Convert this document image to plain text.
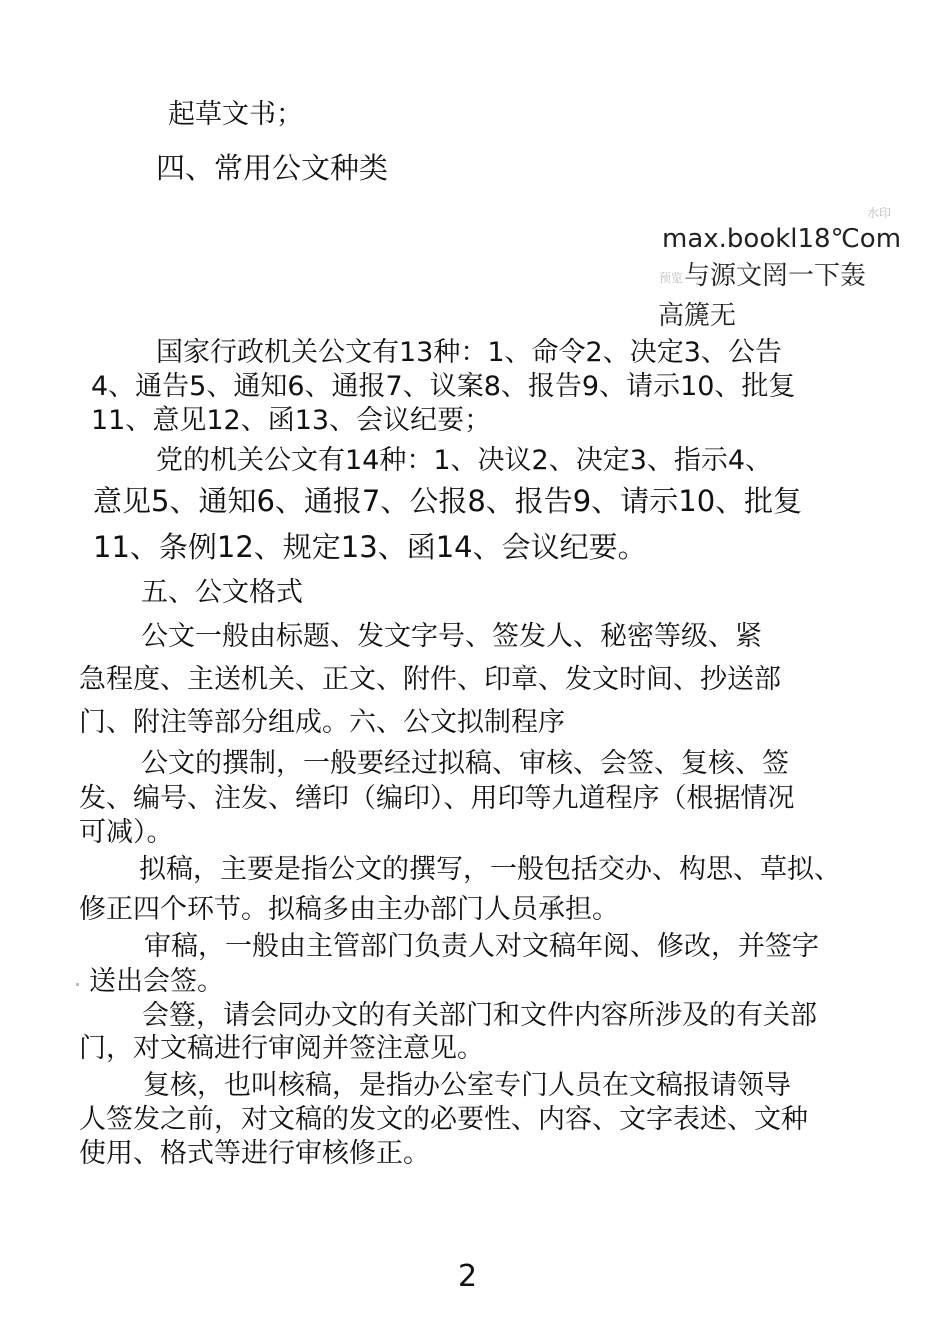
起草文书；

四、常用公文种类

水印
max.bookl18℃om
预览 与源文罔一下轰
高篪无

国家行政机关公文有13种：1、命令2、决定3、公告

4、通告5、通知6、通报7、议案8、报告9、请示10、批复

11、意见12、函13、会议纪要；

党的机关公文有14种：1、决议2、决定3、指示4、

意见5、通知6、通报7、公报8、报告9、请示10、批复

11、条例12、规定13、函14、会议纪要。

五、公文格式

公文一般由标题、发文字号、签发人、秘密等级、紧

急程度、主送机关、正文、附件、印章、发文时间、抄送部

门、附注等部分组成。六、公文拟制程序

公文的撰制，一般要经过拟稿、审核、会签、复核、签

发、编号、注发、缮印（编印）、用印等九道程序（根据情况

可减）。

拟稿，主要是指公文的撰写，一般包括交办、构思、草拟、

修正四个环节。拟稿多由主办部门人员承担。

审稿，一般由主管部门负责人对文稿年阅、修改，并签字

送出会签。

会簦，请会同办文的有关部门和文件内容所涉及的有关部

门，对文稿进行审阅并签注意见。

复核，也叫核稿，是指办公室专门人员在文稿报请领导

人签发之前，对文稿的发文的必要性、内容、文字表述、文种

使用、格式等进行审核修正。

2
